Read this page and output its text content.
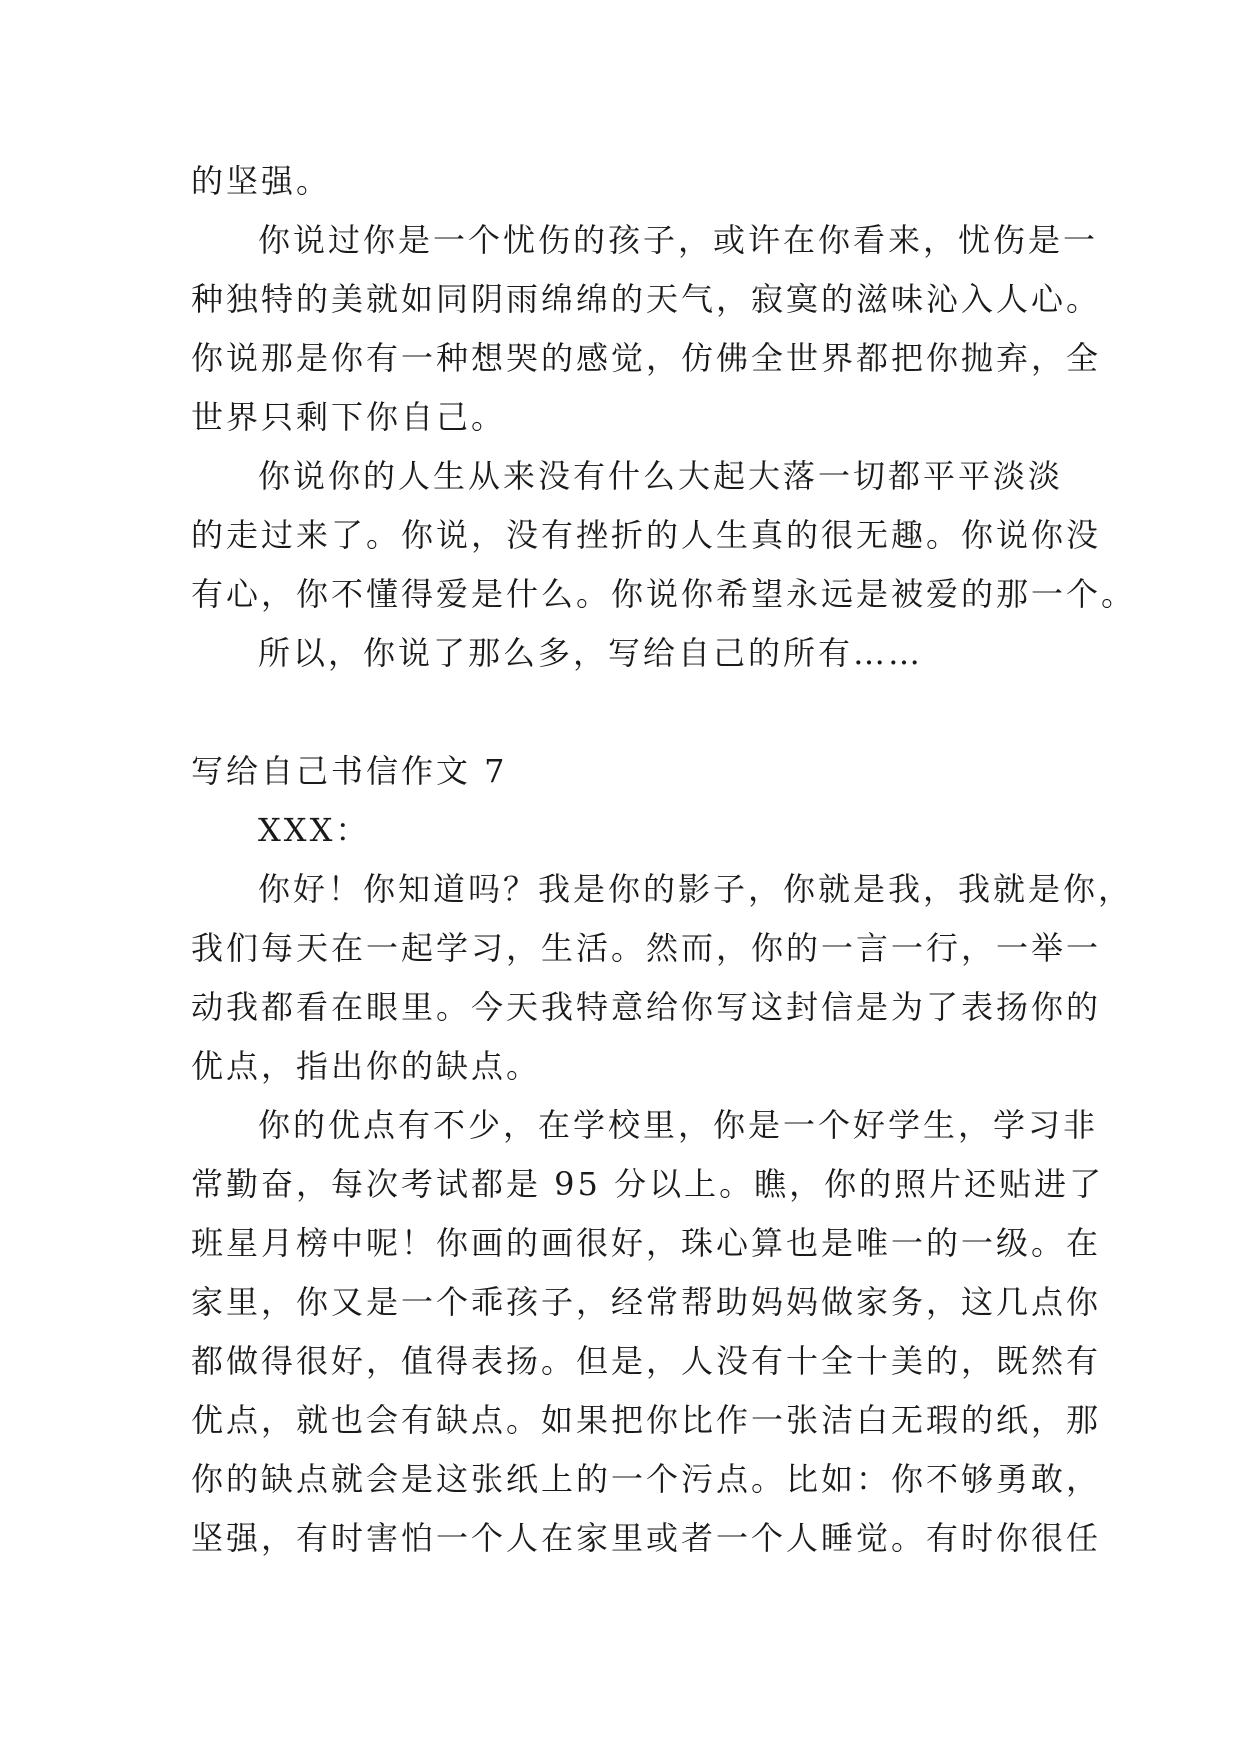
的坚强。
你说过你是一个忧伤的孩子，或许在你看来，忧伤是一
种独特的美就如同阴雨绵绵的天气，寂寞的滋味沁入人心。
你说那是你有一种想哭的感觉，仿佛全世界都把你抛弃，全
世界只剩下你自己。
你说你的人生从来没有什么大起大落一切都平平淡淡
的走过来了。你说，没有挫折的人生真的很无趣。你说你没
有心，你不懂得爱是什么。你说你希望永远是被爱的那一个。
所以，你说了那么多，写给自己的所有……
写给自己书信作文 7
XXX：
你好！你知道吗？我是你的影子，你就是我，我就是你，
我们每天在一起学习，生活。然而，你的一言一行，一举一
动我都看在眼里。今天我特意给你写这封信是为了表扬你的
优点，指出你的缺点。
你的优点有不少，在学校里，你是一个好学生，学习非
常勤奋，每次考试都是 95 分以上。瞧，你的照片还贴进了
班星月榜中呢！你画的画很好，珠心算也是唯一的一级。在
家里，你又是一个乖孩子，经常帮助妈妈做家务，这几点你
都做得很好，值得表扬。但是，人没有十全十美的，既然有
优点，就也会有缺点。如果把你比作一张洁白无瑕的纸，那
你的缺点就会是这张纸上的一个污点。比如：你不够勇敢，
坚强，有时害怕一个人在家里或者一个人睡觉。有时你很任
